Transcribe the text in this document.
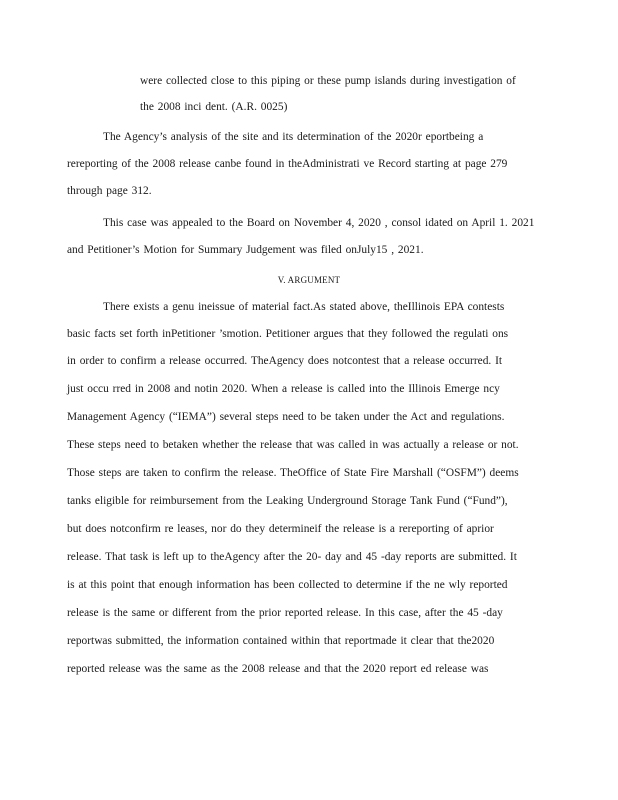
were collected close to this piping or these pump islands during investigation of
the 2008 inci dent. (A.R. 0025)
The Agency’s analysis of the site and its determination of the 2020r eportbeing a
rereporting of the 2008 release canbe found in theAdministrati ve Record starting at page 279
through page 312.
This case was appealed to the Board on November 4, 2020 , consol idated on April 1. 2021
and Petitioner’s Motion for Summary Judgement was filed onJuly15 , 2021.
V. ARGUMENT
There exists a genu ineissue of material fact.As stated above, theIllinois EPA contests
basic facts set forth inPetitioner ’smotion. Petitioner argues that they followed the regulati ons
in order to confirm a release occurred. TheAgency does notcontest that a release occurred. It
just occu rred in 2008 and notin 2020. When a release is called into the Illinois Emerge ncy
Management Agency (“IEMA”) several steps need to be taken under the Act and regulations.
These steps need to betaken whether the release that was called in was actually a release or not.
Those steps are taken to confirm the release. TheOffice of State Fire Marshall (“OSFM”) deems
tanks eligible for reimbursement from the Leaking Underground Storage Tank Fund (“Fund”),
but does notconfirm re leases, nor do they determineif the release is a rereporting of aprior
release. That task is left up to theAgency after the 20- day and 45 -day reports are submitted. It
is at this point that enough information has been collected to determine if the ne wly reported
release is the same or different from the prior reported release. In this case, after the 45 -day
reportwas submitted, the information contained within that reportmade it clear that the2020
reported release was the same as the 2008 release and that the 2020 report ed release was
